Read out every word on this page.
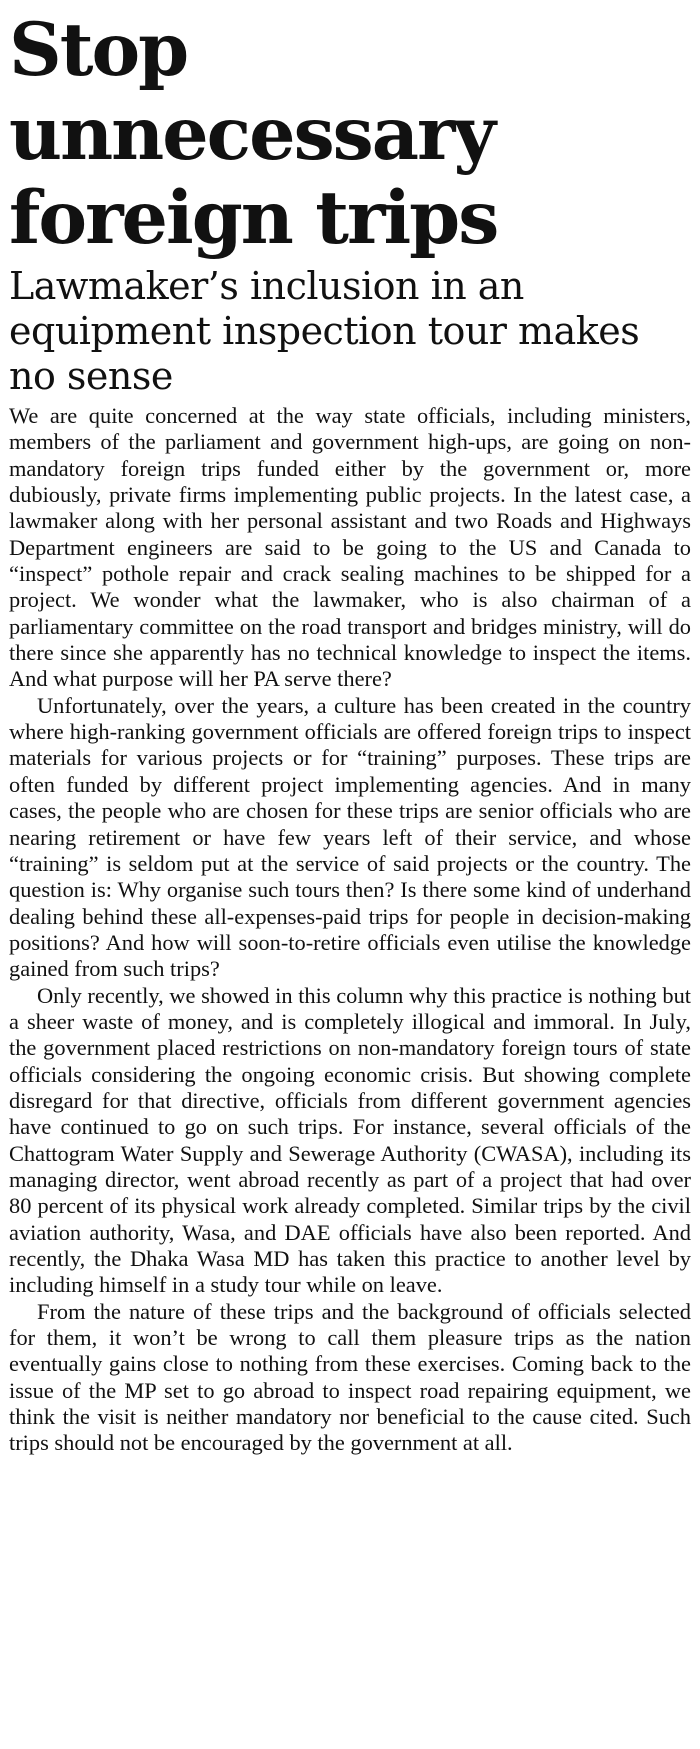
Stop unnecessary foreign trips
Lawmaker’s inclusion in an equipment inspection tour makes no sense

We are quite concerned at the way state officials, including ministers, members of the parliament and government high-ups, are going on non-mandatory foreign trips funded either by the government or, more dubiously, private firms implementing public projects. In the latest case, a lawmaker along with her personal assistant and two Roads and Highways Department engineers are said to be going to the US and Canada to “inspect” pothole repair and crack sealing machines to be shipped for a project. We wonder what the lawmaker, who is also chairman of a parliamentary committee on the road transport and bridges ministry, will do there since she apparently has no technical knowledge to inspect the items. And what purpose will her PA serve there?

Unfortunately, over the years, a culture has been created in the country where high-ranking government officials are offered foreign trips to inspect materials for various projects or for “training” purposes. These trips are often funded by different project implementing agencies. And in many cases, the people who are chosen for these trips are senior officials who are nearing retirement or have few years left of their service, and whose “training” is seldom put at the service of said projects or the country. The question is: Why organise such tours then? Is there some kind of underhand dealing behind these all-expenses-paid trips for people in decision-making positions? And how will soon-to-retire officials even utilise the knowledge gained from such trips?

Only recently, we showed in this column why this practice is nothing but a sheer waste of money, and is completely illogical and immoral. In July, the government placed restrictions on non-mandatory foreign tours of state officials considering the ongoing economic crisis. But showing complete disregard for that directive, officials from different government agencies have continued to go on such trips. For instance, several officials of the Chattogram Water Supply and Sewerage Authority (CWASA), including its managing director, went abroad recently as part of a project that had over 80 percent of its physical work already completed. Similar trips by the civil aviation authority, Wasa, and DAE officials have also been reported. And recently, the Dhaka Wasa MD has taken this practice to another level by including himself in a study tour while on leave.

From the nature of these trips and the background of officials selected for them, it won’t be wrong to call them pleasure trips as the nation eventually gains close to nothing from these exercises. Coming back to the issue of the MP set to go abroad to inspect road repairing equipment, we think the visit is neither mandatory nor beneficial to the cause cited. Such trips should not be encouraged by the government at all.
